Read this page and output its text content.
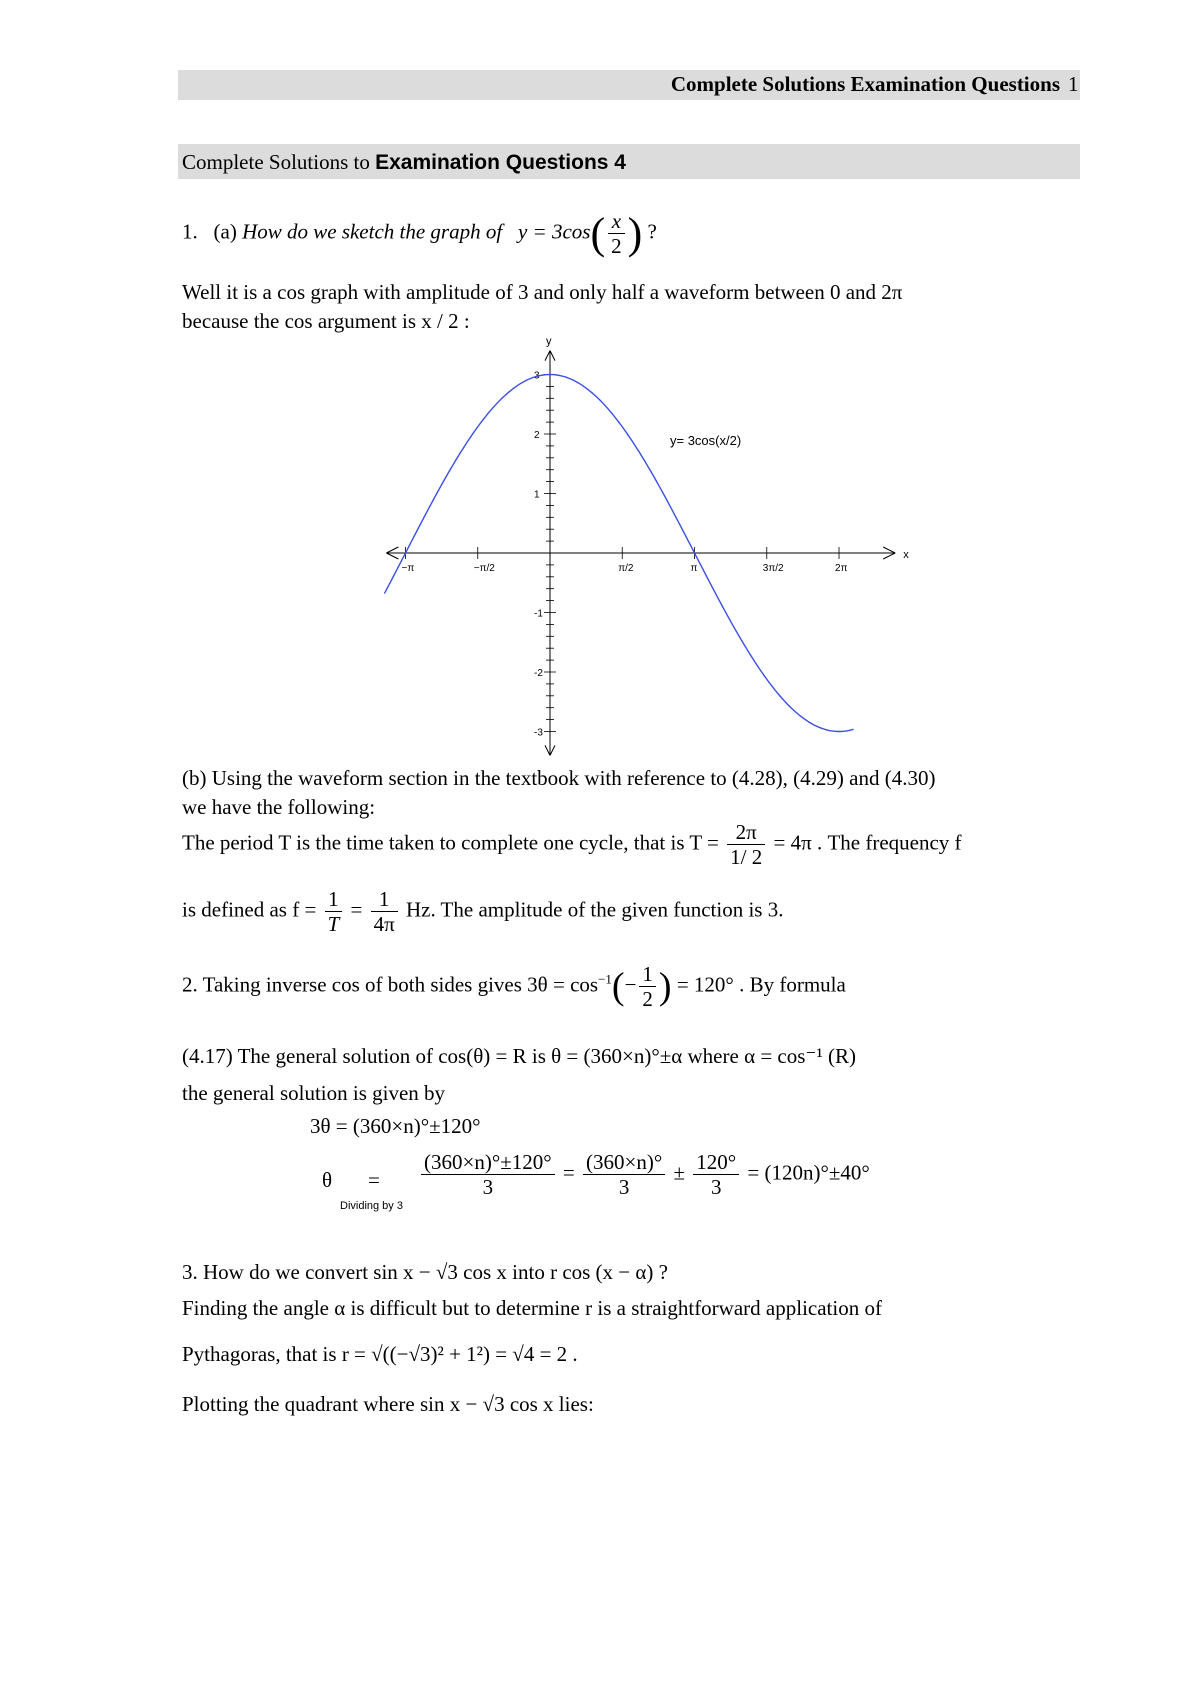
Complete Solutions Examination Questions 1
Complete Solutions to Examination Questions 4
1. (a) How do we sketch the graph of $y = 3\cos( \frac{x}{2}$ ) ?
Well it is a cos graph with amplitude of 3 and only half a waveform between 0 and 2π
because the cos argument is x / 2 :
x
y
3
2
1
-1
-2
-3
−π	−π/2	π/2	π	3π/2	2π
y= 3cos(x/2)
(b) Using the waveform section in the textbook with reference to (4.28), (4.29) and (4.30)
we have the following:
The period T is the time taken to complete one cycle, that is $T = \frac{2\pi}{1/ 2} = 4\pi$ . The frequency f
is defined as $f = \frac{1}{T} = \frac{1}{4\pi} Hz$. The amplitude of the given function is 3.
2. Taking inverse cos of both sides gives $3\theta = \cos^{-1}(- \frac{1}{2}$ ) = 120° . By formula
(4.17) The general solution of cos(θ) = R is θ = (360×n)°±α where α = cos⁻¹ (R)
the general solution is given by
3θ = (360×n)°±120°
θ =
Dividing by 3
$\frac{(360\times n)^\circ\pm 120^\circ}{3} = \frac{(360\times n)^\circ}{3} \pm \frac{120^\circ}{3} = (120n)^\circ\pm 40^\circ$
3. How do we convert sin x − √3 cos x into r cos (x − α) ?
Finding the angle α is difficult but to determine r is a straightforward application of
Pythagoras, that is r = √((−√3)² + 1²) = √4 = 2 .
Plotting the quadrant where sin x − √3 cos x lies:
